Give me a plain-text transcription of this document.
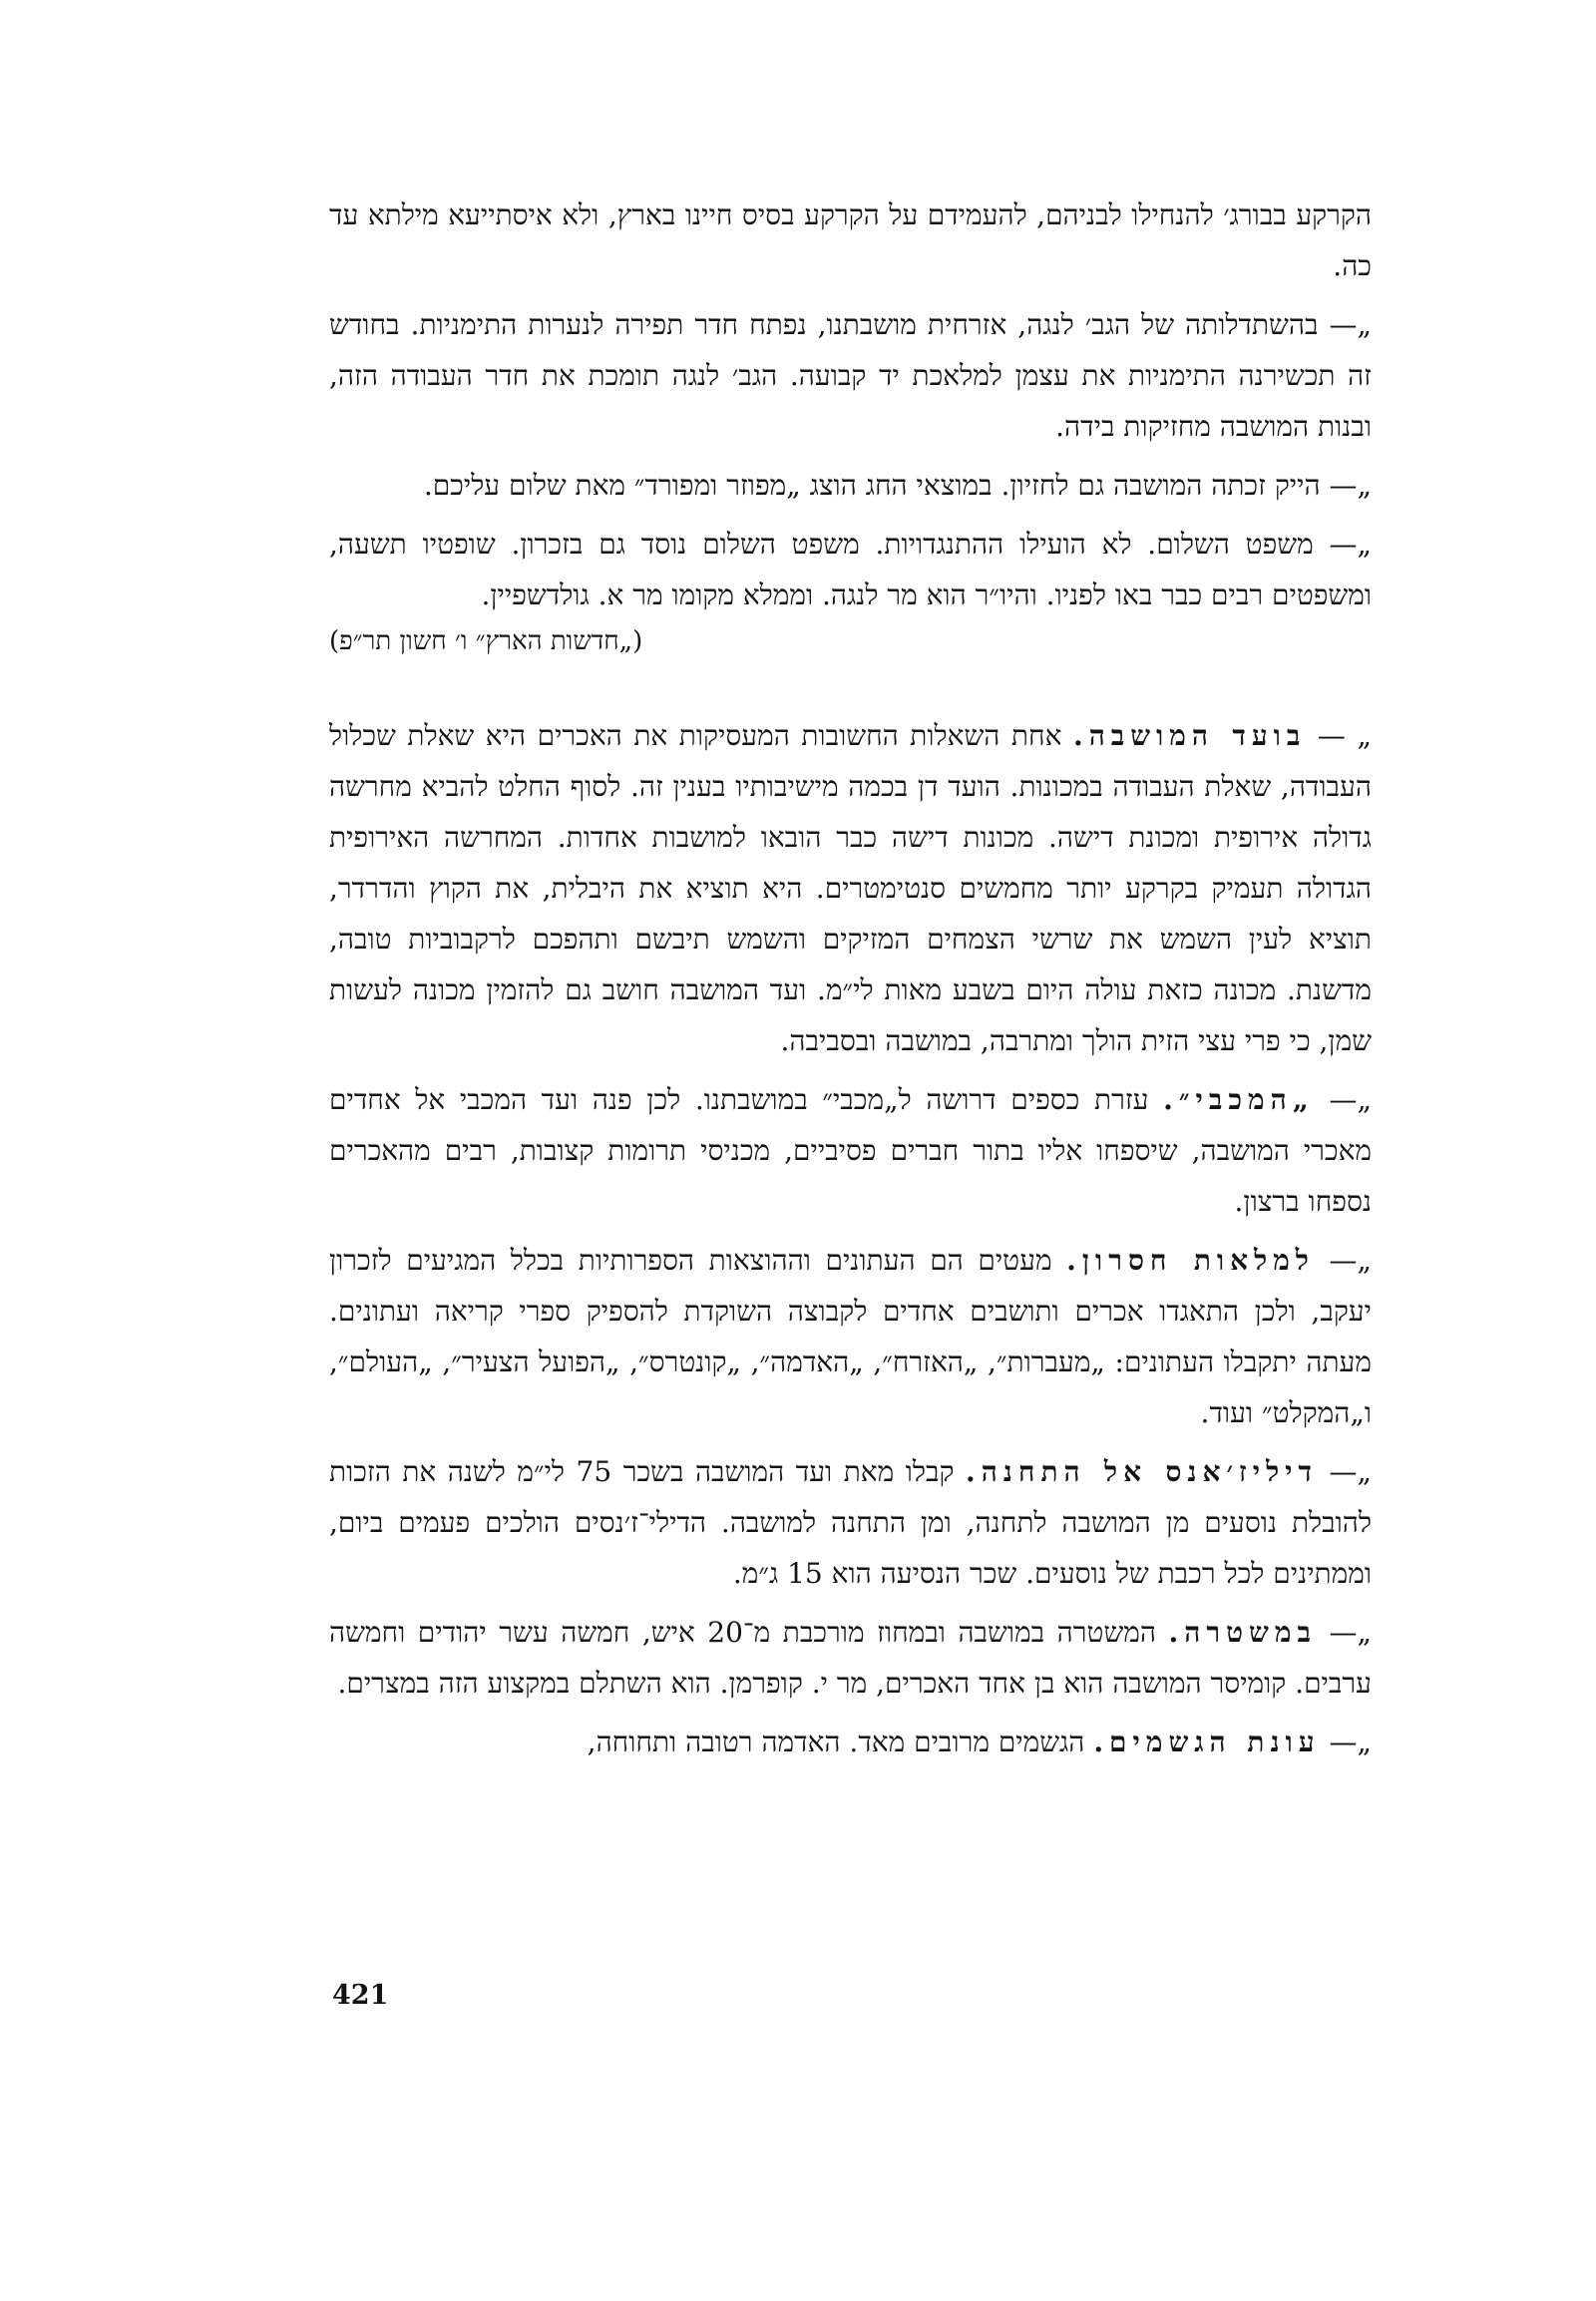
הקרקע בבורג׳ להנחילו לבניהם, להעמידם על הקרקע בסיס חיינו בארץ, ולא איסתייעא מילתא עד כה.

„— בהשתדלותה של הגב׳ לנגה, אזרחית מושבתנו, נפתח חדר תפירה לנערות התימניות. בחודש זה תכשירנה התימניות את עצמן למלאכת יד קבועה. הגב׳ לנגה תומכת את חדר העבודה הזה, ובנות המושבה מחזיקות בידה.

„— הייק זכתה המושבה גם לחזיון. במוצאי החג הוצג „מפוזר ומפורד״ מאת שלום עליכם.

„— משפט השלום. לא הועילו ההתנגדויות. משפט השלום נוסד גם בזכרון. שופטיו תשעה, ומשפטים רבים כבר באו לפניו. והיו״ר הוא מר לנגה. וממלא מקומו מר א. גולדשפיין.

(„חדשות הארץ״ ו׳ חשון תר״פ)

„ — בועד המושבה. אחת השאלות החשובות המעסיקות את האכרים היא שאלת שכלול העבודה, שאלת העבודה במכונות. הועד דן בכמה מישיבותיו בענין זה. לסוף החלט להביא מחרשה גדולה אירופית ומכונת דישה. מכונות דישה כבר הובאו למושבות אחדות. המחרשה האירופית הגדולה תעמיק בקרקע יותר מחמשים סנטימטרים. היא תוציא את היבלית, את הקוץ והדרדר, תוציא לעין השמש את שרשי הצמחים המזיקים והשמש תיבשם ותהפכם לרקבוביות טובה, מדשנת. מכונה כזאת עולה היום בשבע מאות לי״מ. ועד המושבה חושב גם להזמין מכונה לעשות שמן, כי פרי עצי הזית הולך ומתרבה, במושבה ובסביבה.

„— „המכבי״. עזרת כספים דרושה ל„מכבי״ במושבתנו. לכן פנה ועד המכבי אל אחדים מאכרי המושבה, שיספחו אליו בתור חברים פסיביים, מכניסי תרומות קצובות, רבים מהאכרים נספחו ברצון.

„— למלאות חסרון. מעטים הם העתונים וההוצאות הספרותיות בכלל המגיעים לזכרון יעקב, ולכן התאגדו אכרים ותושבים אחדים לקבוצה השוקדת להספיק ספרי קריאה ועתונים. מעתה יתקבלו העתונים: „מעברות״, „האזרח״, „האדמה״, „קונטרס״, „הפועל הצעיר״, „העולם״, ו„המקלט״ ועוד.

„— דיליז׳אנס אל התחנה. קבלו מאת ועד המושבה בשכר 75 לי״מ לשנה את הזכות להובלת נוסעים מן המושבה לתחנה, ומן התחנה למושבה. הדילי־ז׳נסים הולכים פעמים ביום, וממתינים לכל רכבת של נוסעים. שכר הנסיעה הוא 15 ג״מ.

„— במשטרה. המשטרה במושבה ובמחוז מורכבת מ־20 איש, חמשה עשר יהודים וחמשה ערבים. קומיסר המושבה הוא בן אחד האכרים, מר י. קופרמן. הוא השתלם במקצוע הזה במצרים.

„— עונת הגשמים. הגשמים מרובים מאד. האדמה רטובה ותחוחה,

421
